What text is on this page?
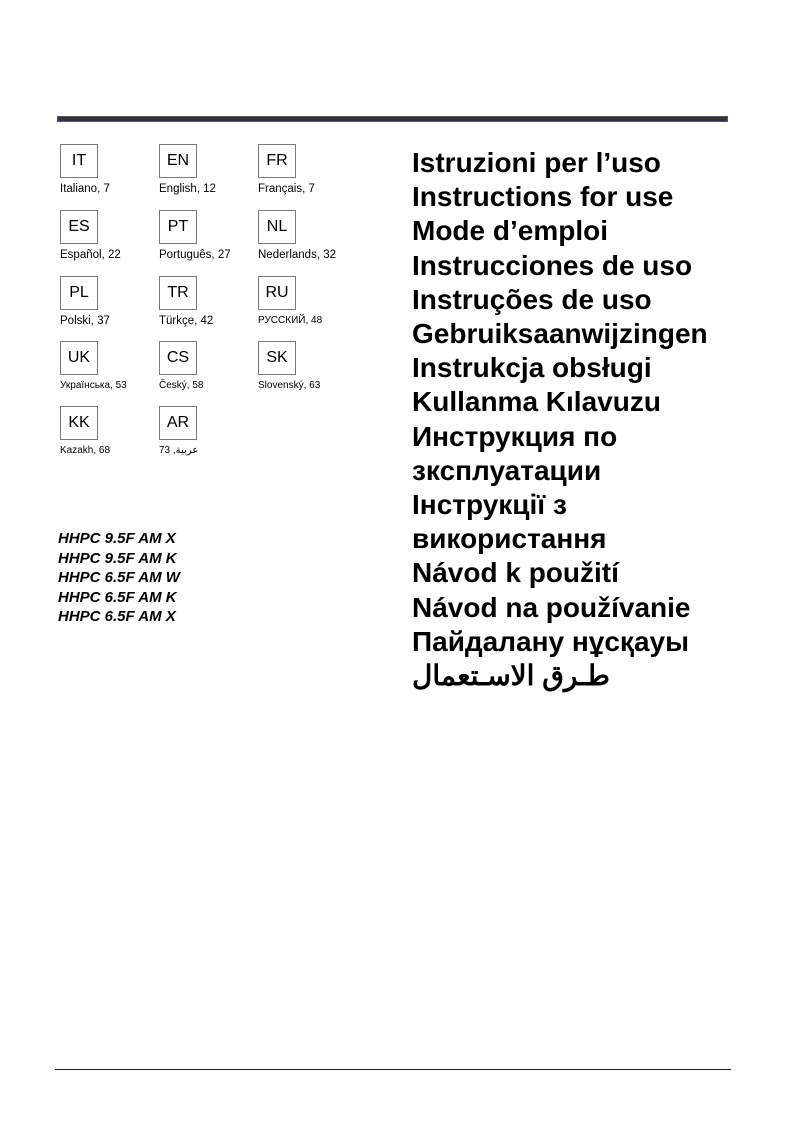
IT
Italiano, 7
EN
English, 12
FR
Français, 7
ES
Español, 22
PT
Português, 27
NL
Nederlands, 32
PL
Polski, 37
TR
Türkçe, 42
RU
РУССКИЙ, 48
UK
Українська, 53
CS
Český, 58
SK
Slovenský, 63
KK
Kazakh, 68
AR
عربية, 73
HHPC 9.5F AM X
HHPC 9.5F AM K
HHPC 6.5F AM W
HHPC 6.5F AM K
HHPC 6.5F AM X
Istruzioni per l’uso
Instructions for use
Mode d’emploi
Instrucciones de uso
Instruções de uso
Gebruiksaanwijzingen
Instrukcja obsługi
Kullanma Kılavuzu
Инструкция по
зксплуатации
Інструкції з
використання
Návod k použití
Návod na používanie
Пайдалану нұсқауы
طـرق الاسـتعمال
